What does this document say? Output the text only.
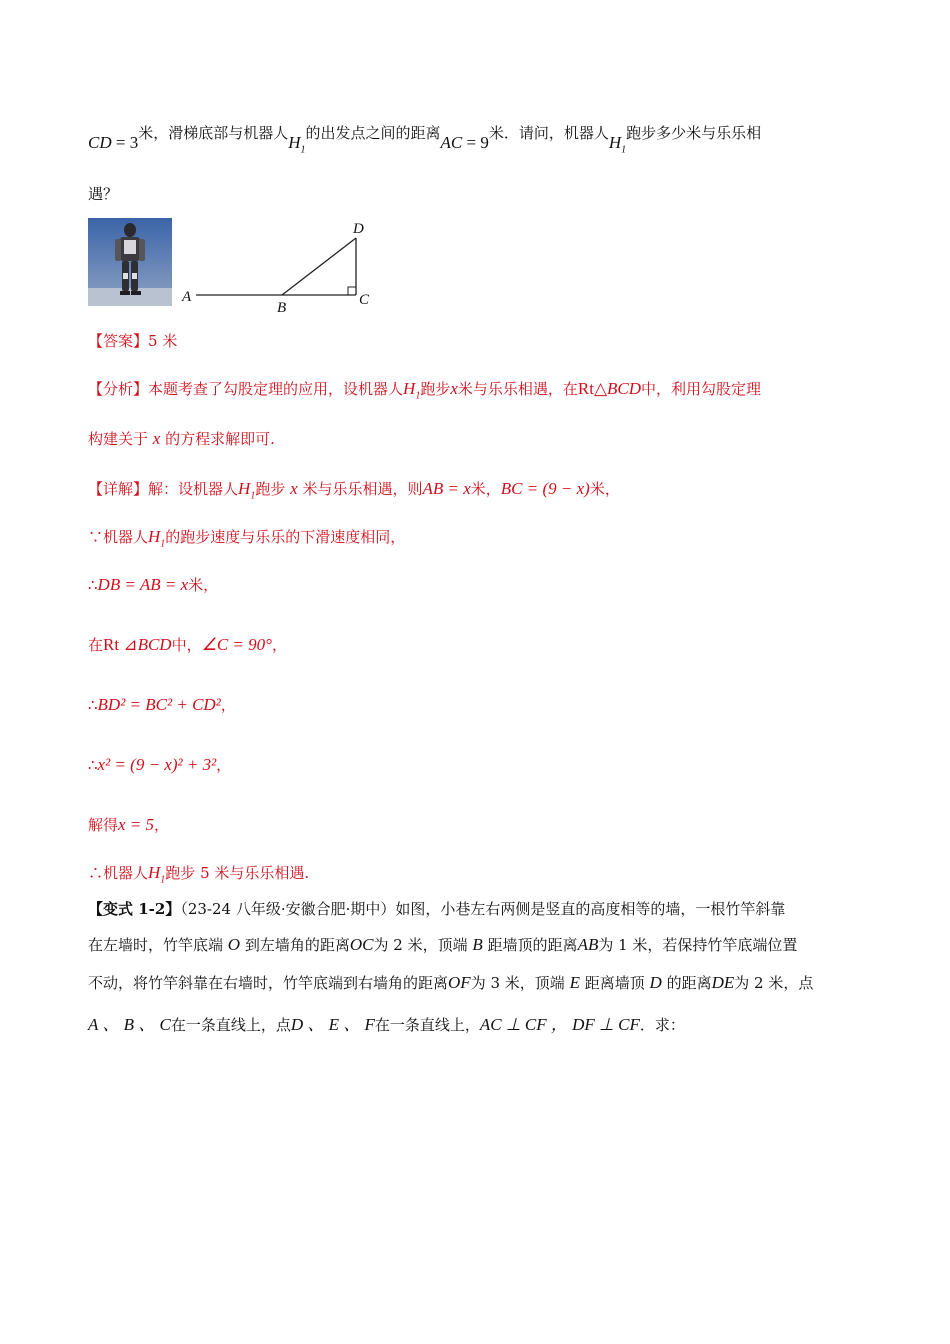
CD = 3米，滑梯底部与机器人$H_1$的出发点之间的距离AC = 9米．请问，机器人$H_1$跑步多少米与乐乐相
遇？
A
B	C
D
【答案】5 米
【分析】本题考查了勾股定理的应用，设机器人$H_1$跑步x米与乐乐相遇，在Rt△BCD中，利用勾股定理
构建关于 x 的方程求解即可.
【详解】解：设机器人$H_1$跑步 x 米与乐乐相遇，则AB = x米，BC = (9 − x)米，
∵机器人$H_1$的跑步速度与乐乐的下滑速度相同，
∴DB = AB = x米，
在Rt ⊿BCD中，∠C = 90°，
∴BD² = BC² + CD²，
∴x² = (9 − x)² + 3²，
解得x = 5，
∴机器人$H_1$跑步 5 米与乐乐相遇.
【变式 1-2】（23-24 八年级·安徽合肥·期中）如图，小巷左右两侧是竖直的高度相等的墙，一根竹竿斜靠
在左墙时，竹竿底端 O 到左墙角的距离OC为 2 米，顶端 B 距墙顶的距离AB为 1 米，若保持竹竿底端位置
不动，将竹竿斜靠在右墙时，竹竿底端到右墙角的距离OF为 3 米，顶端 E 距离墙顶 D 的距离DE为 2 米，点
A 、 B 、 C在一条直线上，点D 、 E 、 F在一条直线上，AC ⊥ CF ， DF ⊥ CF．求：
